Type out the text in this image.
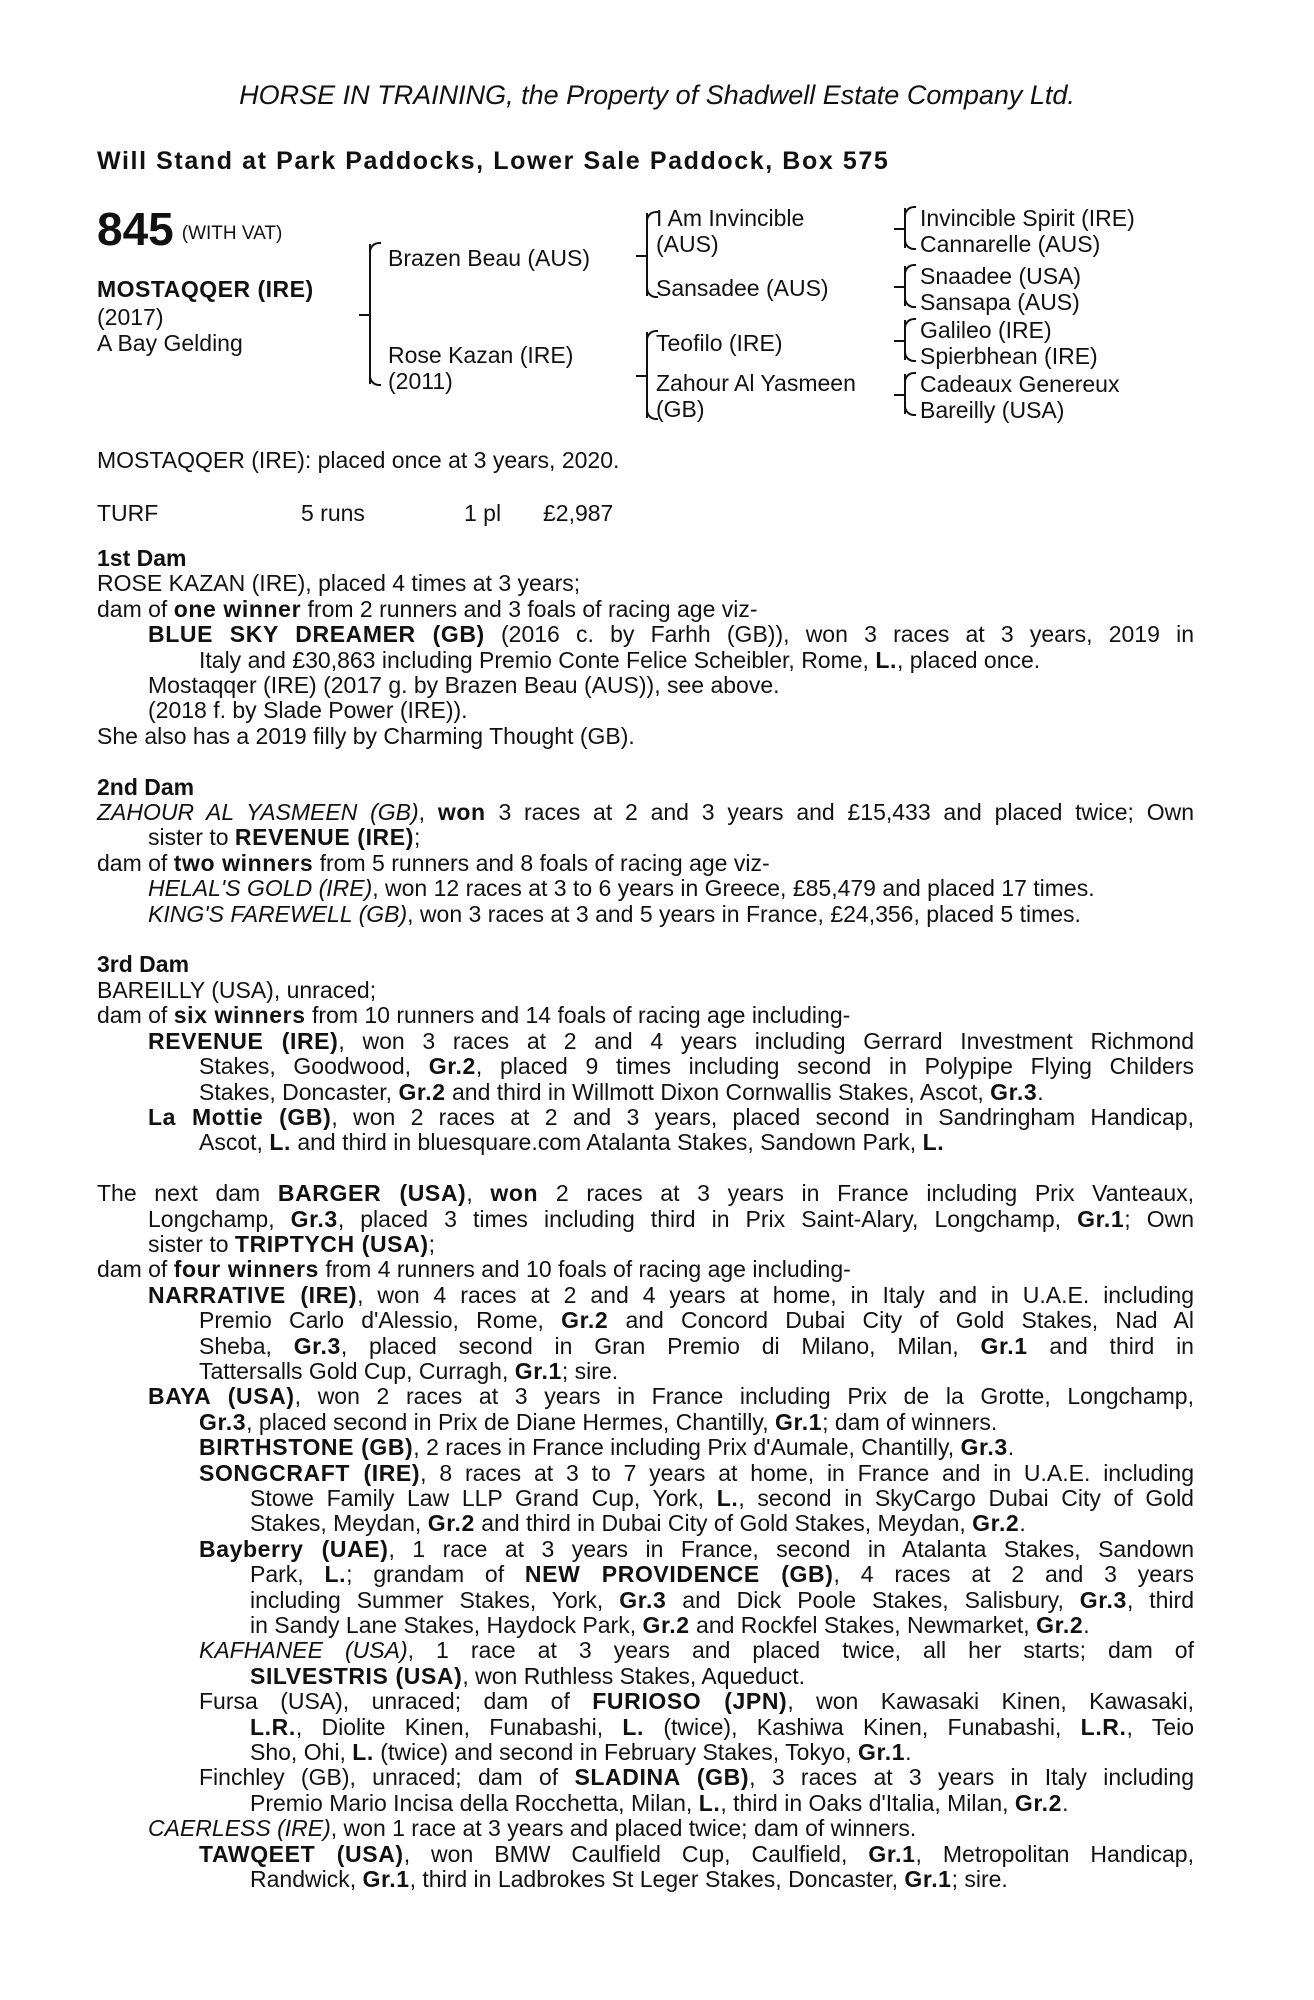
HORSE IN TRAINING, the Property of Shadwell Estate Company Ltd.
Will Stand at Park Paddocks, Lower Sale Paddock, Box 575
845 (WITH VAT)
MOSTAQQER (IRE)
(2017)
A Bay Gelding
Brazen Beau (AUS)
Rose Kazan (IRE)
(2011)
I Am Invincible
(AUS)
Sansadee (AUS)
Teofilo (IRE)
Zahour Al Yasmeen
(GB)
Invincible Spirit (IRE)
Cannarelle (AUS)
Snaadee (USA)
Sansapa (AUS)
Galileo (IRE)
Spierbhean (IRE)
Cadeaux Genereux
Bareilly (USA)
MOSTAQQER (IRE): placed once at 3 years, 2020.
TURF	5 runs	1 pl £2,987
1st Dam
ROSE KAZAN (IRE), placed 4 times at 3 years;
dam of one winner from 2 runners and 3 foals of racing age viz-
BLUE SKY DREAMER (GB) (2016 c. by Farhh (GB)), won 3 races at 3 years, 2019 in
Italy and £30,863 including Premio Conte Felice Scheibler, Rome, L., placed once.
Mostaqqer (IRE) (2017 g. by Brazen Beau (AUS)), see above.
(2018 f. by Slade Power (IRE)).
She also has a 2019 filly by Charming Thought (GB).
2nd Dam
ZAHOUR AL YASMEEN (GB), won 3 races at 2 and 3 years and £15,433 and placed twice; Own
sister to REVENUE (IRE);
dam of two winners from 5 runners and 8 foals of racing age viz-
HELAL'S GOLD (IRE), won 12 races at 3 to 6 years in Greece, £85,479 and placed 17 times.
KING'S FAREWELL (GB), won 3 races at 3 and 5 years in France, £24,356, placed 5 times.
3rd Dam
BAREILLY (USA), unraced;
dam of six winners from 10 runners and 14 foals of racing age including-
REVENUE (IRE), won 3 races at 2 and 4 years including Gerrard Investment Richmond
Stakes, Goodwood, Gr.2, placed 9 times including second in Polypipe Flying Childers
Stakes, Doncaster, Gr.2 and third in Willmott Dixon Cornwallis Stakes, Ascot, Gr.3.
La Mottie (GB), won 2 races at 2 and 3 years, placed second in Sandringham Handicap,
Ascot, L. and third in bluesquare.com Atalanta Stakes, Sandown Park, L.
The next dam BARGER (USA), won 2 races at 3 years in France including Prix Vanteaux,
Longchamp, Gr.3, placed 3 times including third in Prix Saint-Alary, Longchamp, Gr.1; Own
sister to TRIPTYCH (USA);
dam of four winners from 4 runners and 10 foals of racing age including-
NARRATIVE (IRE), won 4 races at 2 and 4 years at home, in Italy and in U.A.E. including
Premio Carlo d'Alessio, Rome, Gr.2 and Concord Dubai City of Gold Stakes, Nad Al
Sheba, Gr.3, placed second in Gran Premio di Milano, Milan, Gr.1 and third in
Tattersalls Gold Cup, Curragh, Gr.1; sire.
BAYA (USA), won 2 races at 3 years in France including Prix de la Grotte, Longchamp,
Gr.3, placed second in Prix de Diane Hermes, Chantilly, Gr.1; dam of winners.
BIRTHSTONE (GB), 2 races in France including Prix d'Aumale, Chantilly, Gr.3.
SONGCRAFT (IRE), 8 races at 3 to 7 years at home, in France and in U.A.E. including
Stowe Family Law LLP Grand Cup, York, L., second in SkyCargo Dubai City of Gold
Stakes, Meydan, Gr.2 and third in Dubai City of Gold Stakes, Meydan, Gr.2.
Bayberry (UAE), 1 race at 3 years in France, second in Atalanta Stakes, Sandown
Park, L.; grandam of NEW PROVIDENCE (GB), 4 races at 2 and 3 years
including Summer Stakes, York, Gr.3 and Dick Poole Stakes, Salisbury, Gr.3, third
in Sandy Lane Stakes, Haydock Park, Gr.2 and Rockfel Stakes, Newmarket, Gr.2.
KAFHANEE (USA), 1 race at 3 years and placed twice, all her starts; dam of
SILVESTRIS (USA), won Ruthless Stakes, Aqueduct.
Fursa (USA), unraced; dam of FURIOSO (JPN), won Kawasaki Kinen, Kawasaki,
L.R., Diolite Kinen, Funabashi, L. (twice), Kashiwa Kinen, Funabashi, L.R., Teio
Sho, Ohi, L. (twice) and second in February Stakes, Tokyo, Gr.1.
Finchley (GB), unraced; dam of SLADINA (GB), 3 races at 3 years in Italy including
Premio Mario Incisa della Rocchetta, Milan, L., third in Oaks d'Italia, Milan, Gr.2.
CAERLESS (IRE), won 1 race at 3 years and placed twice; dam of winners.
TAWQEET (USA), won BMW Caulfield Cup, Caulfield, Gr.1, Metropolitan Handicap,
Randwick, Gr.1, third in Ladbrokes St Leger Stakes, Doncaster, Gr.1; sire.
